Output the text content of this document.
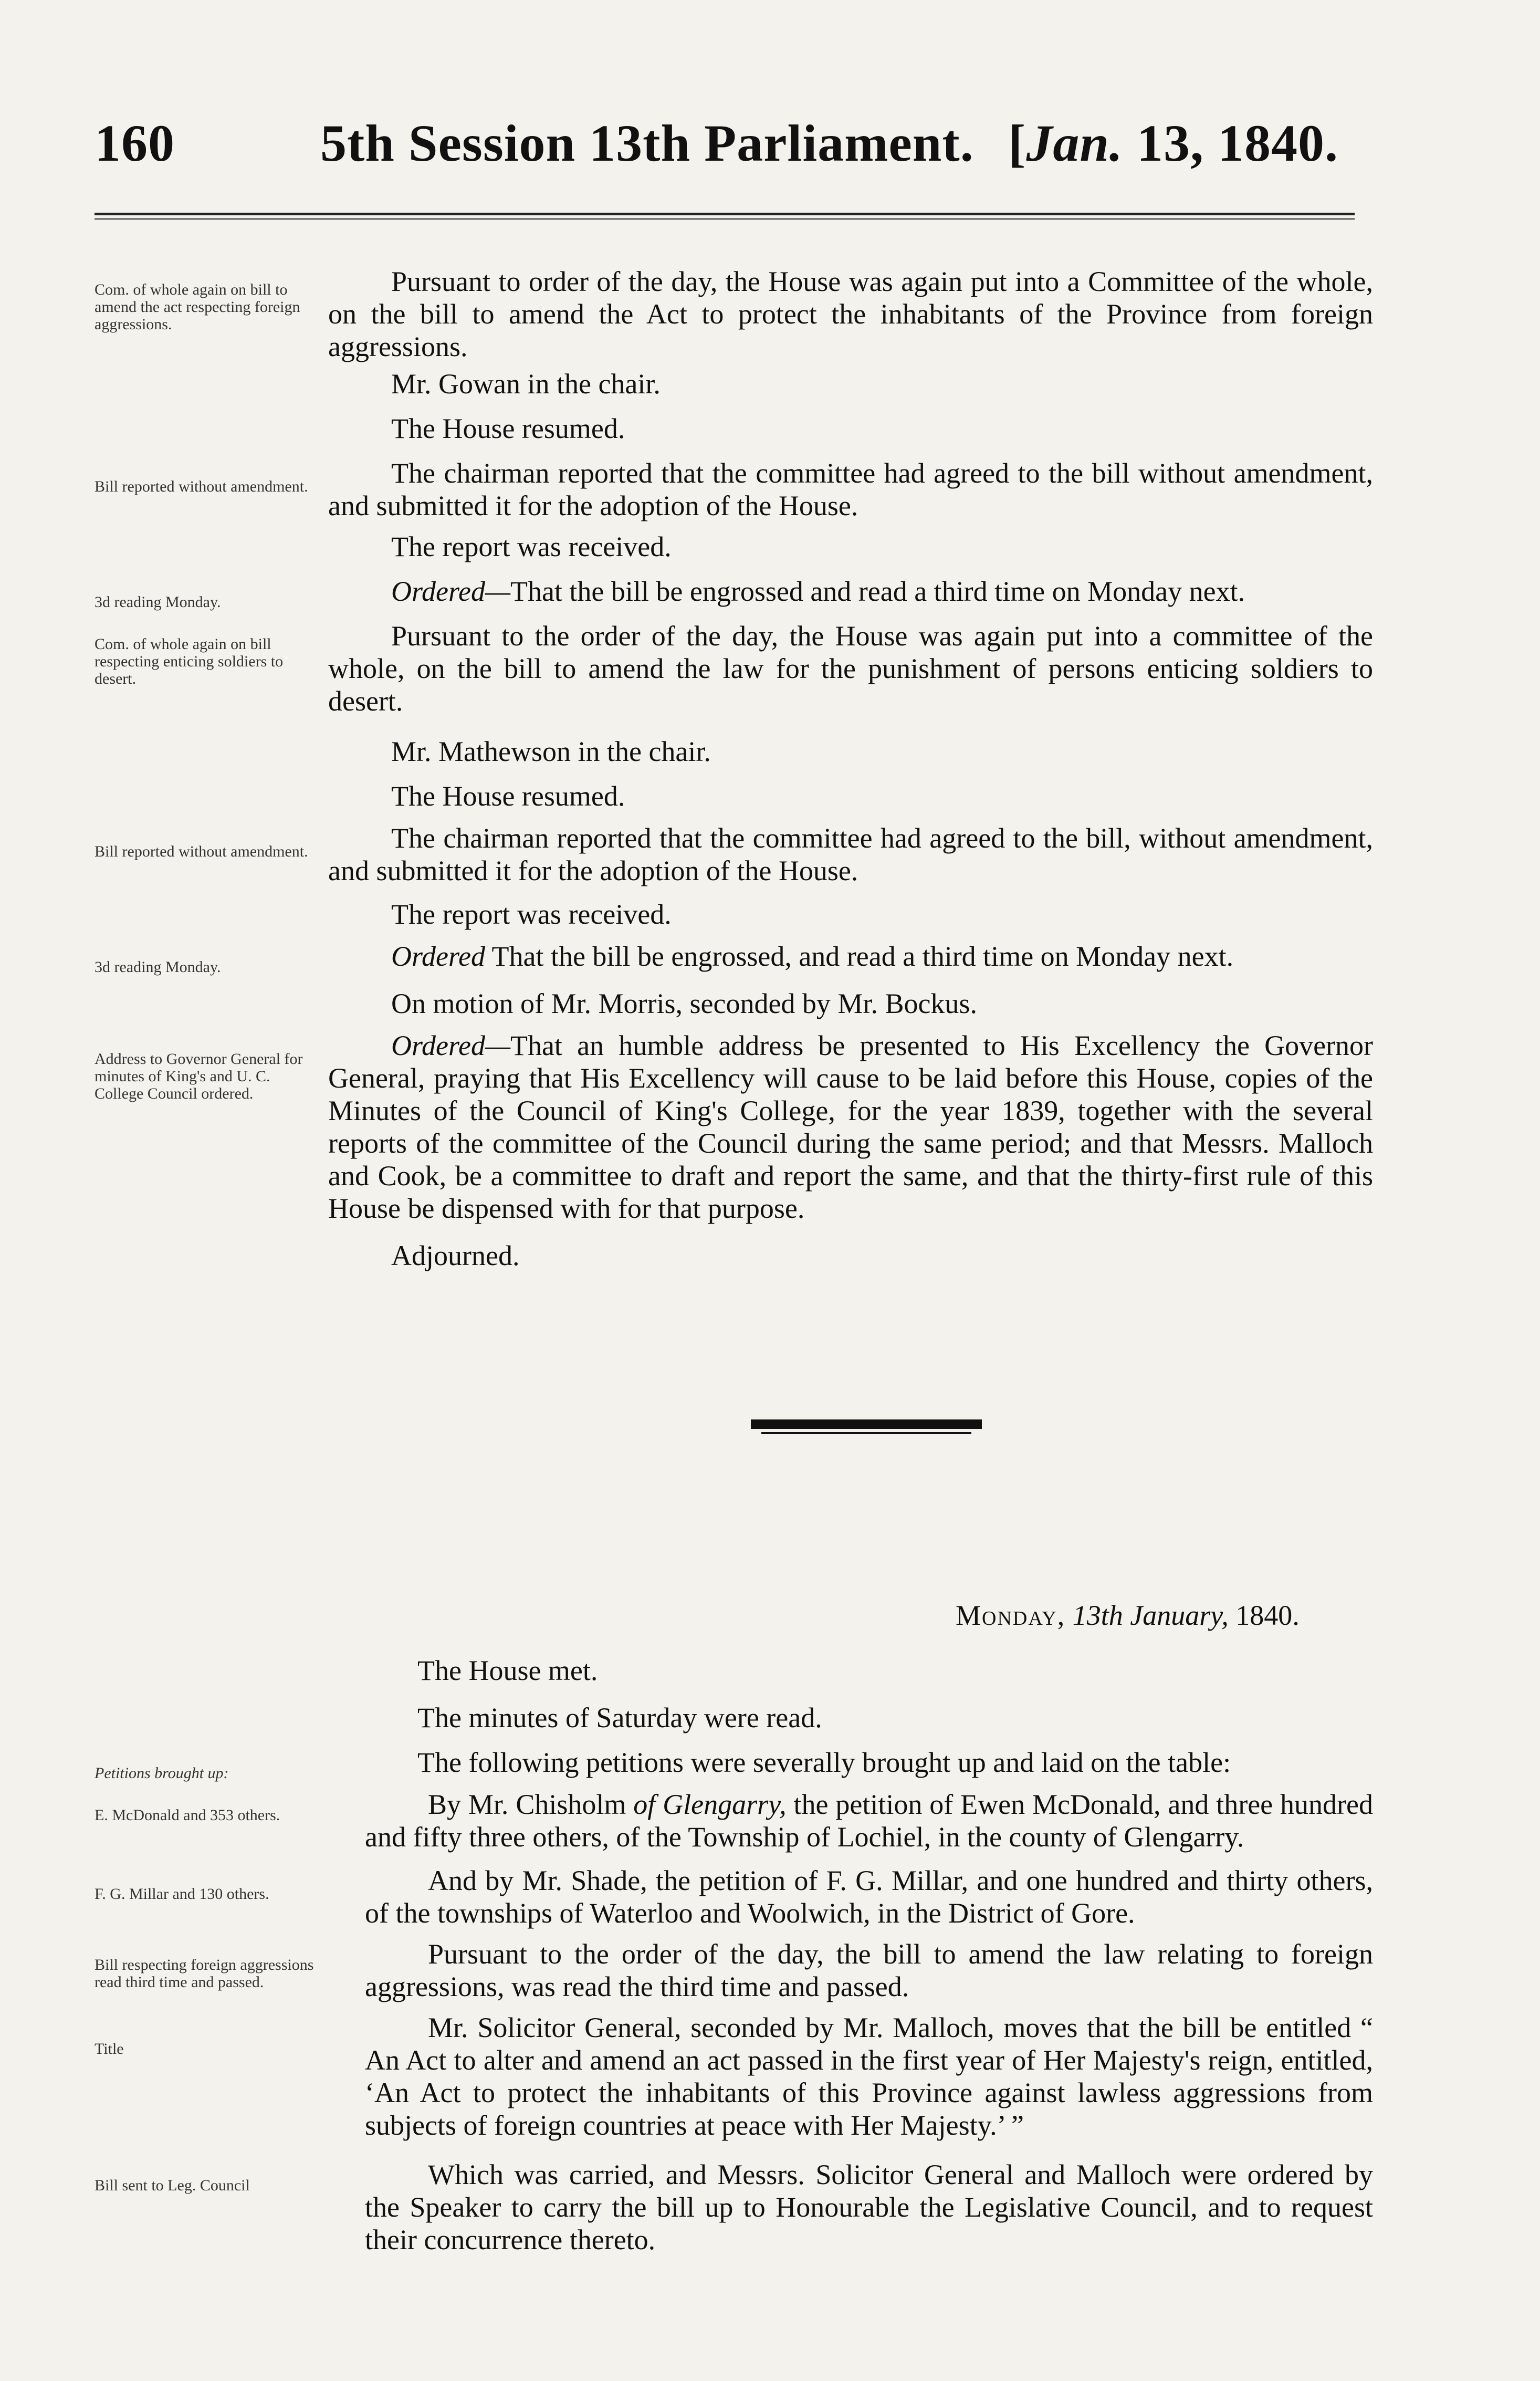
160	5th Session 13th Parliament. [Jan. 13, 1840.
Com. of whole again on bill to amend the act respecting foreign aggressions.
Pursuant to order of the day, the House was again put into a Committee of the whole, on the bill to amend the Act to protect the inhabitants of the Province from foreign aggressions.
Mr. Gowan in the chair.
The House resumed.
Bill reported without amendment.	The chairman reported that the committee had agreed to the bill without amendment, and submitted it for the adoption of the House.
The report was received.
3d reading Monday.	Ordered—That the bill be engrossed and read a third time on Monday next.
Com. of whole again on bill respecting enticing soldiers to desert.
Pursuant to the order of the day, the House was again put into a committee of the whole, on the bill to amend the law for the punishment of persons enticing soldiers to desert.
Mr. Mathewson in the chair.
The House resumed.
Bill reported without amendment.	The chairman reported that the committee had agreed to the bill, without amendment, and submitted it for the adoption of the House.
The report was received.
3d reading Monday.	Ordered That the bill be engrossed, and read a third time on Monday next.
On motion of Mr. Morris, seconded by Mr. Bockus.
Address to Governor General for minutes of King's and U. C. College Council ordered.
Ordered—That an humble address be presented to His Excellency the Governor General, praying that His Excellency will cause to be laid before this House, copies of the Minutes of the Council of King's College, for the year 1839, together with the several reports of the committee of the Council during the same period; and that Messrs. Malloch and Cook, be a committee to draft and report the same, and that the thirty-first rule of this House be dispensed with for that purpose.
Adjourned.
Monday, 13th January, 1840.
The House met.
The minutes of Saturday were read.
Petitions brought up:	The following petitions were severally brought up and laid on the table:
E. McDonald and 353 others.	By Mr. Chisholm of Glengarry, the petition of Ewen McDonald, and three hundred and fifty three others, of the Township of Lochiel, in the county of Glengarry.
F. G. Millar and 130 others.	And by Mr. Shade, the petition of F. G. Millar, and one hundred and thirty others, of the townships of Waterloo and Woolwich, in the District of Gore.
Bill respecting foreign aggressions read third time and passed.
Pursuant to the order of the day, the bill to amend the law relating to foreign aggressions, was read the third time and passed.
Title
Mr. Solicitor General, seconded by Mr. Malloch, moves that the bill be entitled “ An Act to alter and amend an act passed in the first year of Her Majesty's reign, entitled, ‘An Act to protect the inhabitants of this Province against lawless aggressions from subjects of foreign countries at peace with Her Majesty.’ ”
Bill sent to Leg. Council	Which was carried, and Messrs. Solicitor General and Malloch were ordered by the Speaker to carry the bill up to Honourable the Legislative Council, and to request their concurrence thereto.
